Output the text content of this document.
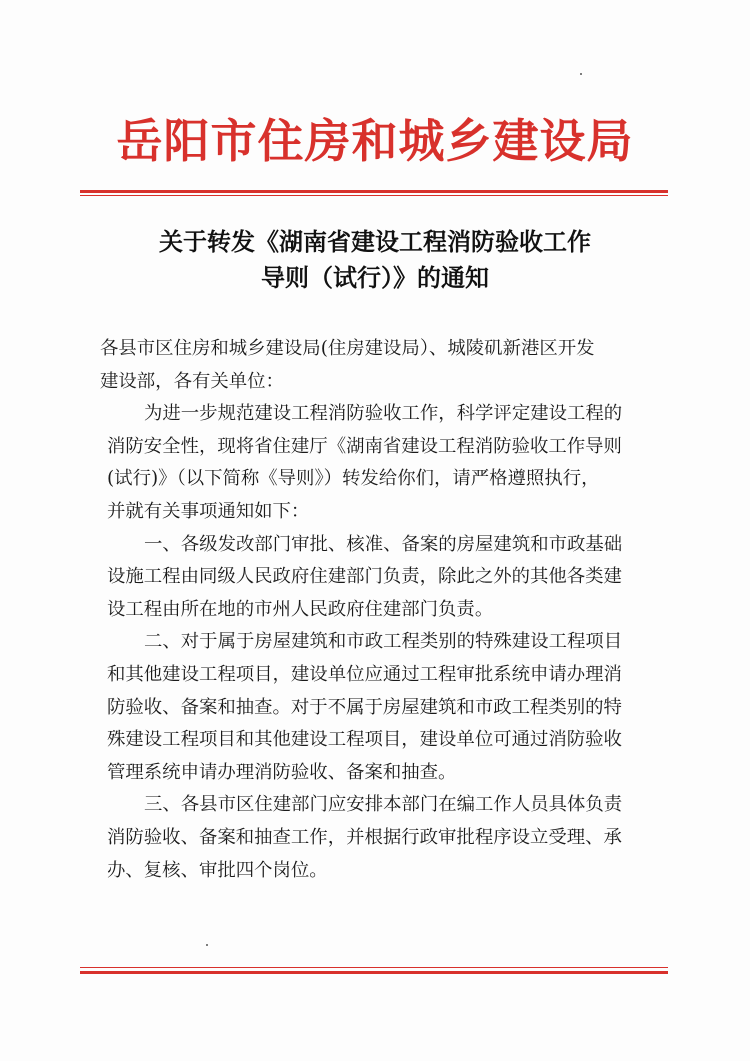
岳阳市住房和城乡建设局
关于转发《湖南省建设工程消防验收工作
导则（试行）》的通知
各县市区住房和城乡建设局(住房建设局）、城陵矶新港区开发
建设部，各有关单位：
为进一步规范建设工程消防验收工作，科学评定建设工程的
消防安全性，现将省住建厅《湖南省建设工程消防验收工作导则
(试行)》（以下简称《导则》）转发给你们，请严格遵照执行，
并就有关事项通知如下：
一、各级发改部门审批、核准、备案的房屋建筑和市政基础
设施工程由同级人民政府住建部门负责，除此之外的其他各类建
设工程由所在地的市州人民政府住建部门负责。
二、对于属于房屋建筑和市政工程类别的特殊建设工程项目
和其他建设工程项目，建设单位应通过工程审批系统申请办理消
防验收、备案和抽查。对于不属于房屋建筑和市政工程类别的特
殊建设工程项目和其他建设工程项目，建设单位可通过消防验收
管理系统申请办理消防验收、备案和抽查。
三、各县市区住建部门应安排本部门在编工作人员具体负责
消防验收、备案和抽查工作，并根据行政审批程序设立受理、承
办、复核、审批四个岗位。
